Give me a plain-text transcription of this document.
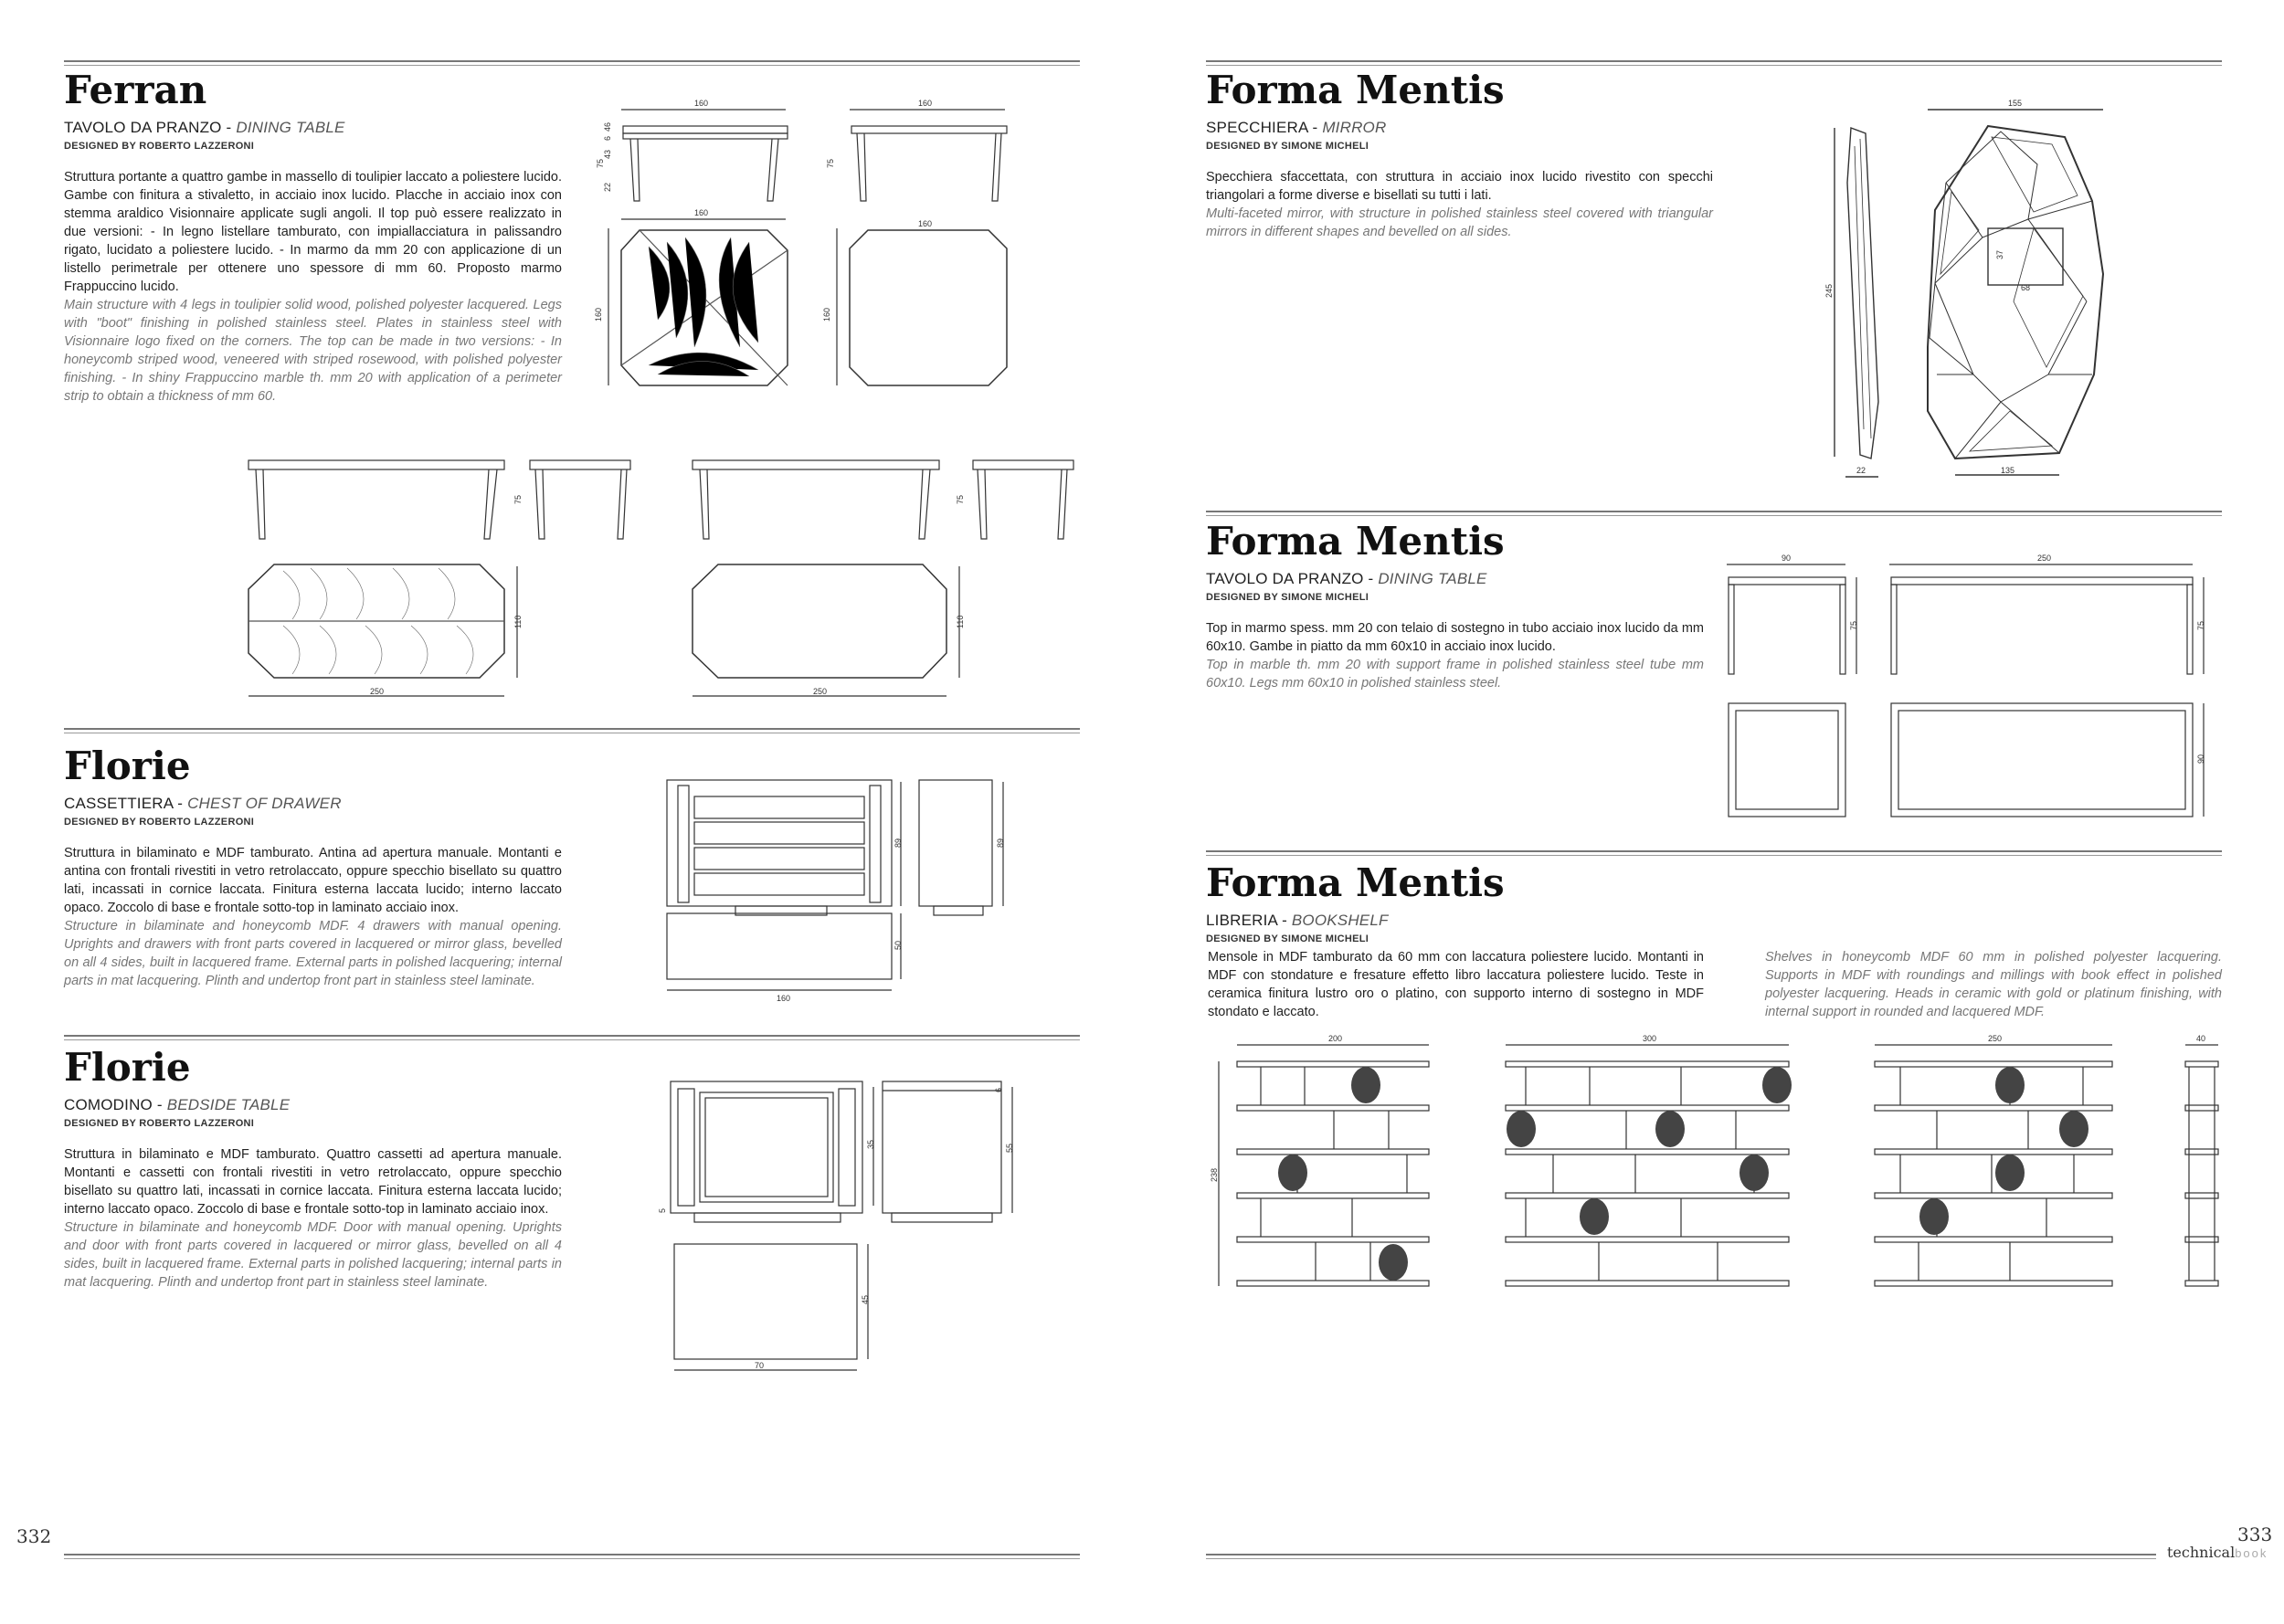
Ferran
TAVOLO DA PRANZO - DINING TABLE
DESIGNED BY ROBERTO LAZZERONI
Struttura portante a quattro gambe in massello di toulipier laccato a poliestere lucido. Gambe con finitura a stivaletto, in acciaio inox lucido. Placche in acciaio inox con stemma araldico Visionnaire applicate sugli angoli. Il top può essere realizzato in due versioni: - In legno listellare tamburato, con impiallacciatura in palissandro rigato, lucidato a poliestere lucido. - In marmo da mm 20 con applicazione di un listello perimetrale per ottenere uno spessore di mm 60. Proposto marmo Frappuccino lucido.
Main structure with 4 legs in toulipier solid wood, polished polyester lacquered. Legs with "boot" finishing in polished stainless steel. Plates in stainless steel with Visionnaire logo fixed on the corners. The top can be made in two versions: - In honeycomb striped wood, veneered with striped rosewood, with polished polyester finishing. - In shiny Frappuccino marble th. mm 20 with application of a perimeter strip to obtain a thickness of mm 60.
160	160
160
160
160	160
75	75
22
43
6
46
250	250
110	110
75	75
Florie
CASSETTIERA - CHEST OF DRAWER
DESIGNED BY ROBERTO LAZZERONI
Struttura in bilaminato e MDF tamburato. Antina ad apertura manuale. Montanti e antina con frontali rivestiti in vetro retrolaccato, oppure specchio bisellato su quattro lati, incassati in cornice laccata. Finitura esterna laccata lucido; interno laccato opaco. Zoccolo di base e frontale sotto-top in laminato acciaio inox.
Structure in bilaminate and honeycomb MDF. 4 drawers with manual opening. Uprights and drawers with front parts covered in lacquered or mirror glass, bevelled on all 4 sides, built in lacquered frame. External parts in polished lacquering; internal parts in mat lacquering. Plinth and undertop front part in stainless steel laminate.
160
89	89
50
Florie
COMODINO - BEDSIDE TABLE
DESIGNED BY ROBERTO LAZZERONI
Struttura in bilaminato e MDF tamburato. Quattro cassetti ad apertura manuale. Montanti e cassetti con frontali rivestiti in vetro retrolaccato, oppure specchio bisellato su quattro lati, incassati in cornice laccata. Finitura esterna laccata lucido; interno laccato opaco. Zoccolo di base e frontale sotto-top in laminato acciaio inox.
Structure in bilaminate and honeycomb MDF. Door with manual opening. Uprights and door with front parts covered in lacquered or mirror glass, bevelled on all 4 sides, built in lacquered frame. External parts in polished lacquering; internal parts in mat lacquering. Plinth and undertop front part in stainless steel laminate.
70
35	55
6
5
45
332
Forma Mentis
SPECCHIERA - MIRROR
DESIGNED BY SIMONE MICHELI
Specchiera sfaccettata, con struttura in acciaio inox lucido rivestito con specchi triangolari a forme diverse e bisellati su tutti i lati.
Multi-faceted mirror, with structure in polished stainless steel covered with triangular mirrors in different shapes and bevelled on all sides.
155
245
22	135
68
37
Forma Mentis
TAVOLO DA PRANZO - DINING TABLE
DESIGNED BY SIMONE MICHELI
Top in marmo spess. mm 20 con telaio di sostegno in tubo acciaio inox lucido da mm 60x10. Gambe in piatto da mm 60x10 in acciaio inox lucido.
Top in marble th. mm 20 with support frame in polished stainless steel tube mm 60x10. Legs mm 60x10 in polished stainless steel.
90	250
75	75
90
Forma Mentis
LIBRERIA - BOOKSHELF
DESIGNED BY SIMONE MICHELI
Mensole in MDF tamburato da 60 mm con laccatura poliestere lucido. Montanti in MDF con stondature e fresature effetto libro laccatura poliestere lucido. Teste in ceramica finitura lustro oro o platino, con supporto interno di sostegno in MDF stondato e laccato.
Shelves in honeycomb MDF 60 mm in polished polyester lacquering. Supports in MDF with roundings and millings with book effect in polished polyester lacquering. Heads in ceramic with gold or platinum finishing, with internal support in rounded and lacquered MDF.
200	300	250	40
238
333
technicalbook
